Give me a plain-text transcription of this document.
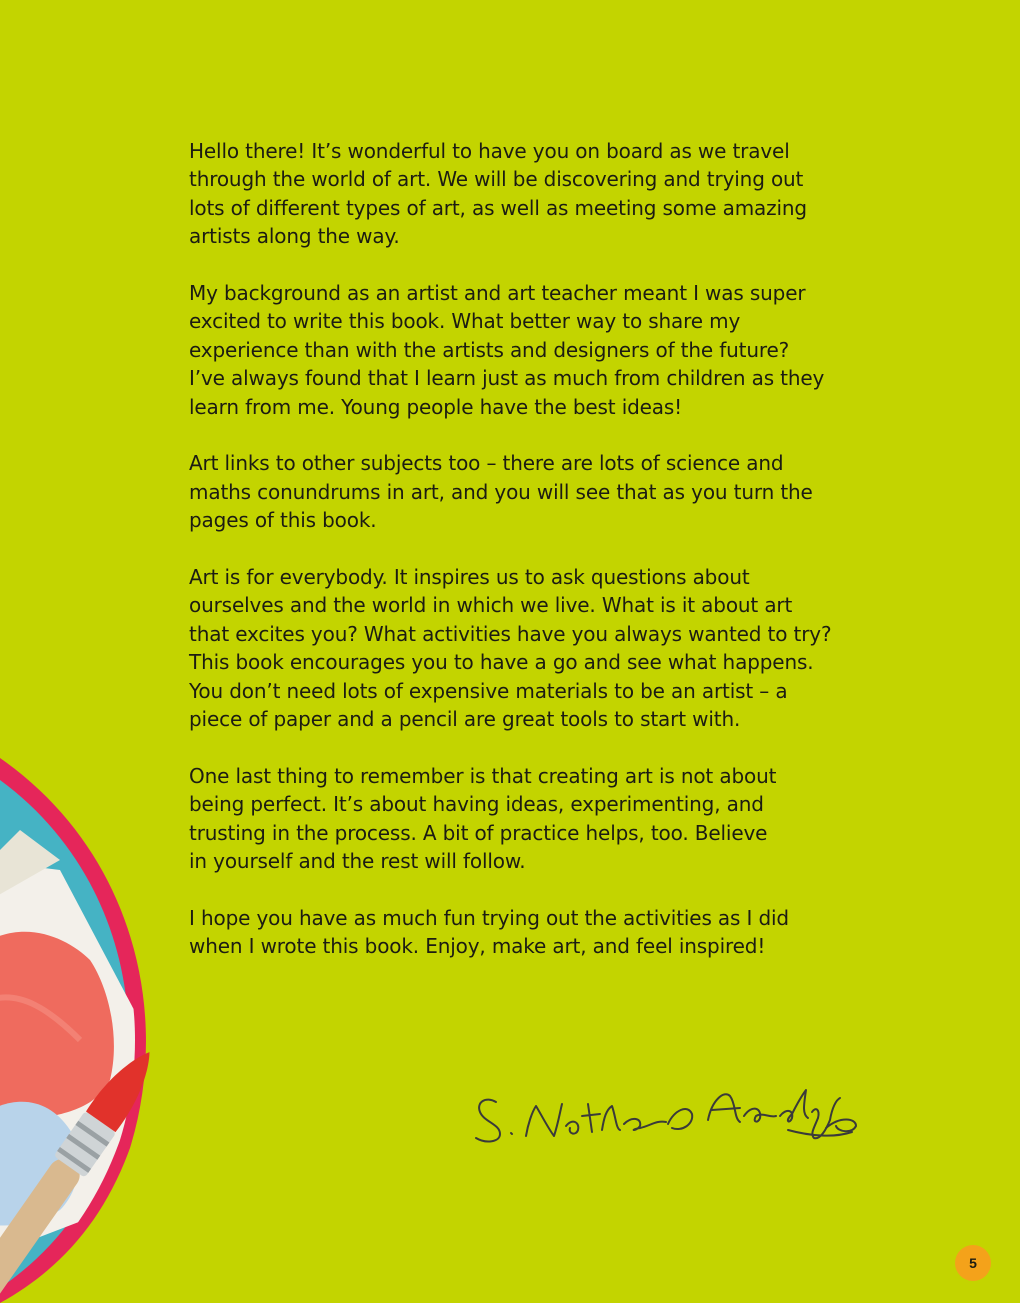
Hello there! It’s wonderful to have you on board as we travel
through the world of art. We will be discovering and trying out
lots of different types of art, as well as meeting some amazing
artists along the way.

My background as an artist and art teacher meant I was super
excited to write this book. What better way to share my
experience than with the artists and designers of the future?
I’ve always found that I learn just as much from children as they
learn from me. Young people have the best ideas!

Art links to other subjects too – there are lots of science and
maths conundrums in art, and you will see that as you turn the
pages of this book.

Art is for everybody. It inspires us to ask questions about
ourselves and the world in which we live. What is it about art
that excites you? What activities have you always wanted to try?
This book encourages you to have a go and see what happens.
You don’t need lots of expensive materials to be an artist – a
piece of paper and a pencil are great tools to start with.

One last thing to remember is that creating art is not about
being perfect. It’s about having ideas, experimenting, and
trusting in the process. A bit of practice helps, too. Believe
in yourself and the rest will follow.

I hope you have as much fun trying out the activities as I did
when I wrote this book. Enjoy, make art, and feel inspired!

5
